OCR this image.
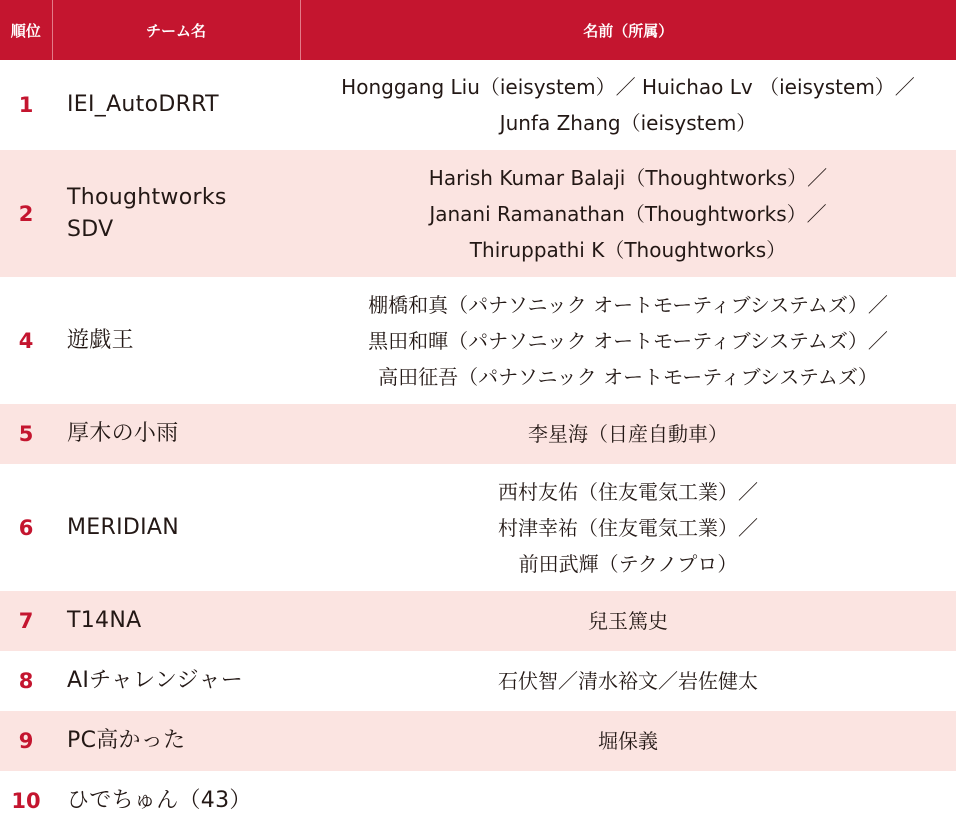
順位	チーム名	名前（所属）
1	IEI_AutoDRRT	Honggang Liu（ieisystem）／ Huichao Lv （ieisystem）／
Junfa Zhang（ieisystem）

2	Thoughtworks SDV	Harish Kumar Balaji（Thoughtworks）／
Janani Ramanathan（Thoughtworks）／
Thiruppathi K（Thoughtworks）

4	遊戯王	棚橋和真（パナソニック オートモーティブシステムズ）／
黒田和暉（パナソニック オートモーティブシステムズ）／
高田征吾（パナソニック オートモーティブシステムズ）

5	厚木の小雨	李星海（日産自動車）

6	MERIDIAN	西村友佑（住友電気工業）／
村津幸祐（住友電気工業）／
前田武輝（テクノプロ）

7	T14NA	兒玉篤史

8	AIチャレンジャー	石伏智／清水裕文／岩佐健太

9	PC高かった	堀保義

10	ひでちゅん（43）	
